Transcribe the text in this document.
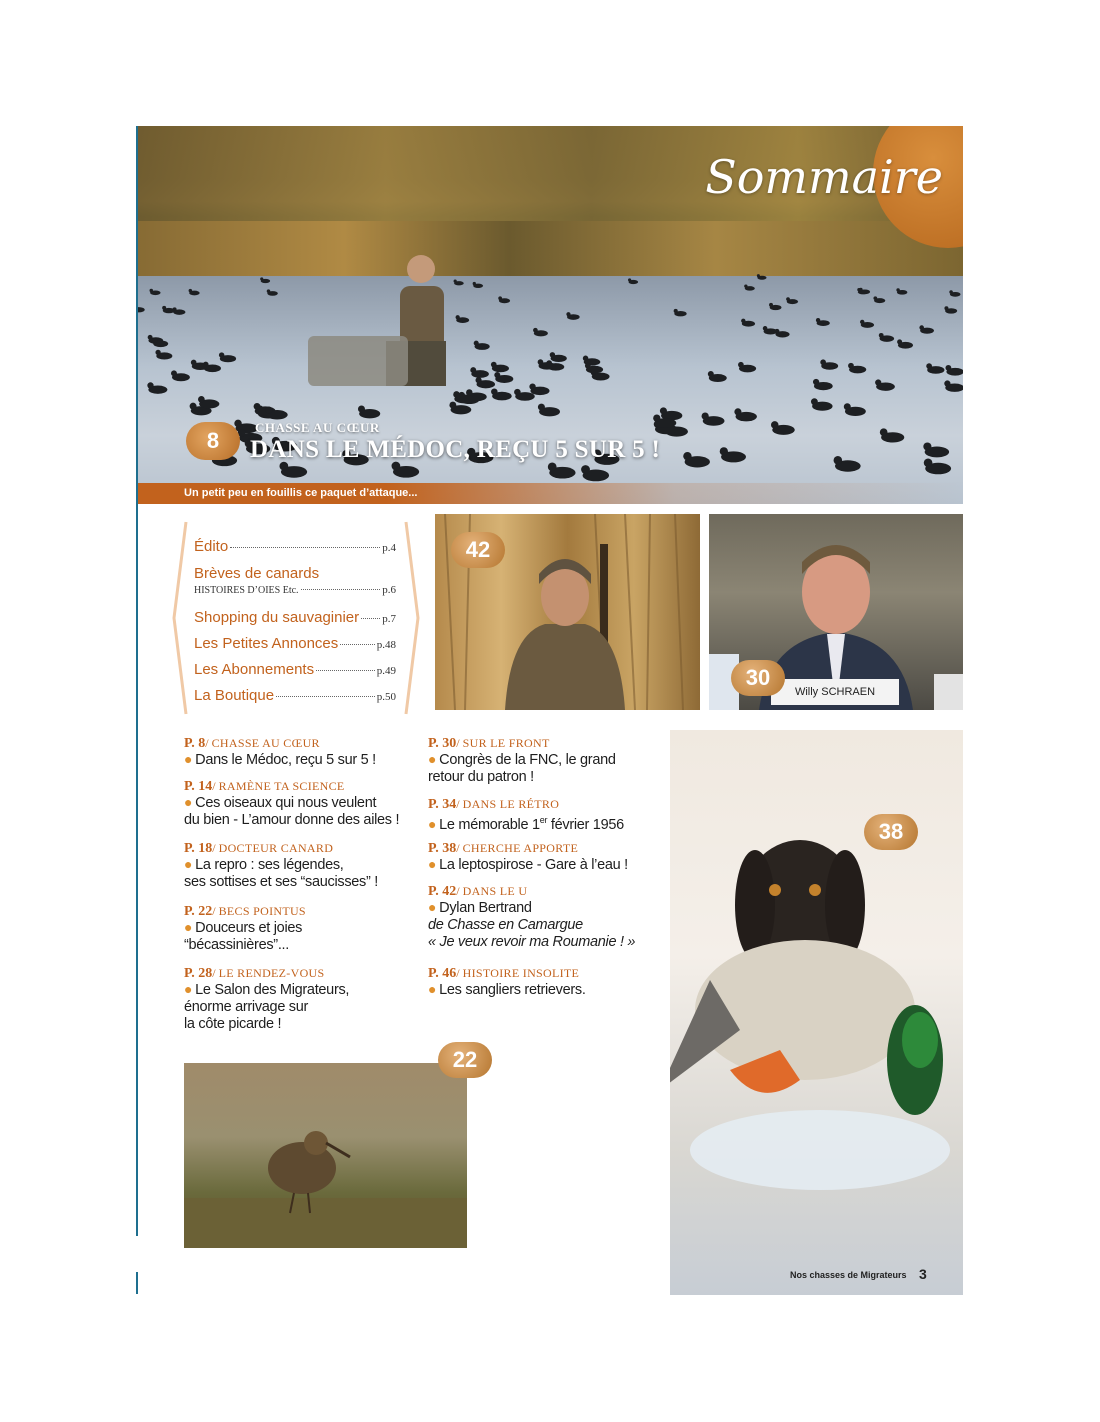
Sommaire
8
CHASSE AU CŒUR
DANS LE MÉDOC, REÇU 5 SUR 5 !
Un petit peu en fouillis ce paquet d’attaque...
Édito	p.4
Brèves de canards
HISTOIRES D’OIES Etc.	p.6
Shopping du sauvaginier p.7
Les Petites Annonces	p.48
Les Abonnements	p.49
La Boutique	p.50
42
Willy SCHRAEN
30
38
Nos chasses de Migrateurs 3
22
P. 8/ CHASSE AU CŒUR
● Dans le Médoc, reçu 5 sur 5 !
P. 14/ RAMÈNE TA SCIENCE
● Ces oiseaux qui nous veulent
du bien - L’amour donne des ailes !
P. 18/ DOCTEUR CANARD
● La repro : ses légendes,
ses sottises et ses “saucisses” !
P. 22/ BECS POINTUS
● Douceurs et joies
“bécassinières”...
P. 28/ LE RENDEZ-VOUS
● Le Salon des Migrateurs,
énorme arrivage sur
la côte picarde !
P. 30/ SUR LE FRONT
● Congrès de la FNC, le grand
retour du patron !
P. 34/ DANS LE RÉTRO
● Le mémorable 1er février 1956
P. 38/ CHERCHE APPORTE
● La leptospirose - Gare à l’eau !
P. 42/ DANS LE U
● Dylan Bertrand
de Chasse en Camargue
« Je veux revoir ma Roumanie ! »
P. 46/ HISTOIRE INSOLITE
● Les sangliers retrievers.
